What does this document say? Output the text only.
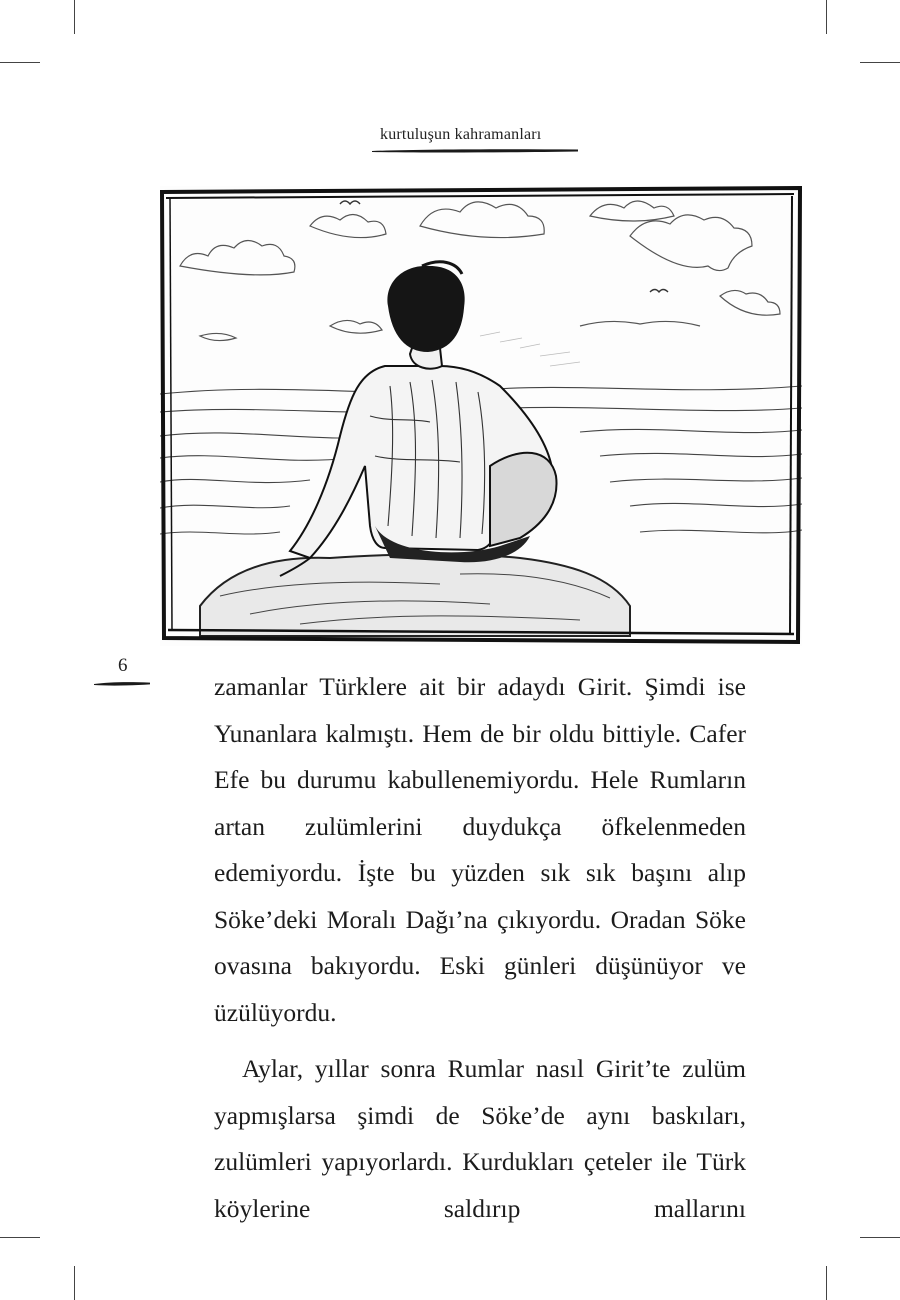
kurtuluşun kahramanları
6

zamanlar Türklere ait bir adaydı Girit. Şimdi ise Yunanlara kalmıştı. Hem de bir oldu bittiyle. Cafer Efe bu durumu kabullenemiyordu. Hele Rumların artan zulümlerini duydukça öfkelenmeden edemiyordu. İşte bu yüzden sık sık başını alıp Söke’deki Moralı Dağı’na çıkıyordu. Oradan Söke ovasına bakıyordu. Eski günleri düşünüyor ve üzülüyordu.

Aylar, yıllar sonra Rumlar nasıl Girit’te zulüm yapmışlarsa şimdi de Söke’de aynı baskıları, zulümleri yapıyorlardı. Kurdukları çeteler ile Türk köylerine saldırıp mallarını
